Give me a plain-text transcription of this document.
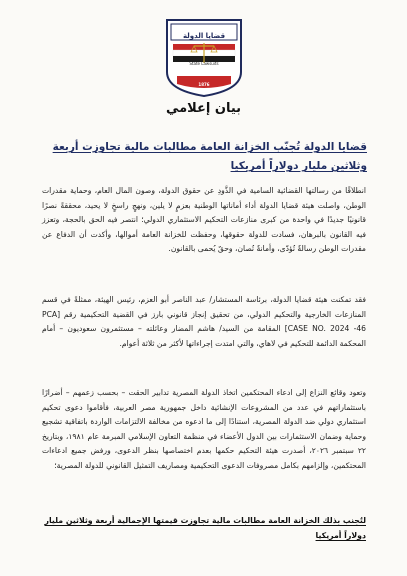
قضايا الدولة
State Lawsuits
1876
بيان إعلامي
قضايا الدولة تُجنّب الخزانة العامة مطالبات مالية تجاوزت أربعة وثلاثين مليار دولاراً أمريكيا
انطلاقًا من رسالتها القضائية السامية في الذَّودِ عن حقوق الدولة، وصون المال العام، وحماية مقدرات الوطن، واصلت هيئة قضايا الدولة أداء أماناتها الوطنية بعزمٍ لا يلين، ونهجٍ راسخٍ لا يحيد، محققةً نصرًا قانونيًا جديدًا في واحدة من كبرى منازعات التحكيم الاستثماري الدولي؛ انتصر فيه الحق بالحجة، وتعزز فيه القانون بالبرهان، فسادت للدولة حقوقها، وحفظت للخزانة العامة أموالها، وأكدت أن الدفاع عن مقدرات الوطن رسالةٌ تُؤدّى، وأمانةٌ تُصان، وحقٌ يُحمى بالقانون.
فقد تمكنت هيئة قضايا الدولة، برئاسة المستشار/ عبد الناصر أبو العزم، رئيس الهيئة، ممثلةً في قسم المنازعات الخارجية والتحكيم الدولي، من تحقيق إنجاز قانوني بارز في القضية التحكيمية رقم [PCA CASE NO. 2024 -46] المقامة من السيد/ هاشم المضار وعائلته – مستثمرون سعوديون – أمام المحكمة الدائمة للتحكيم في لاهاي، والتي امتدت إجراءاتها لأكثر من ثلاثة أعوام.
وتعود وقائع النزاع إلى ادعاء المحتكمين اتخاذ الدولة المصرية تدابير الحقت – بحسب زعمهم – أضرارًا باستثماراتهم في عدد من المشروعات الإنشائية داخل جمهورية مصر العربية، فأقاموا دعوى تحكيم استثماري دولي ضد الدولة المصرية، استنادًا إلى ما ادعوه من مخالفة الالتزامات الواردة باتفاقية تشجيع وحماية وضمان الاستثمارات بين الدول الأعضاء في منظمة التعاون الإسلامي المبرمة عام ١٩٨١، وبتاريخ ٢٢ سبتمبر ٢٠٢٦، أصدرت هيئة التحكيم حكمها بعدم اختصاصها بنظر الدعوى، ورفض جميع ادعاءات المحتكمين، وإلزامهم بكامل مصروفات الدعوى التحكيمية ومصاريف التمثيل القانوني للدولة المصرية؛
لتُجنب بذلك الخزانة العامة مطالبات مالية تجاوزت قيمتها الإجمالية أربعة وثلاثين مليار دولاراً أمريكيا
